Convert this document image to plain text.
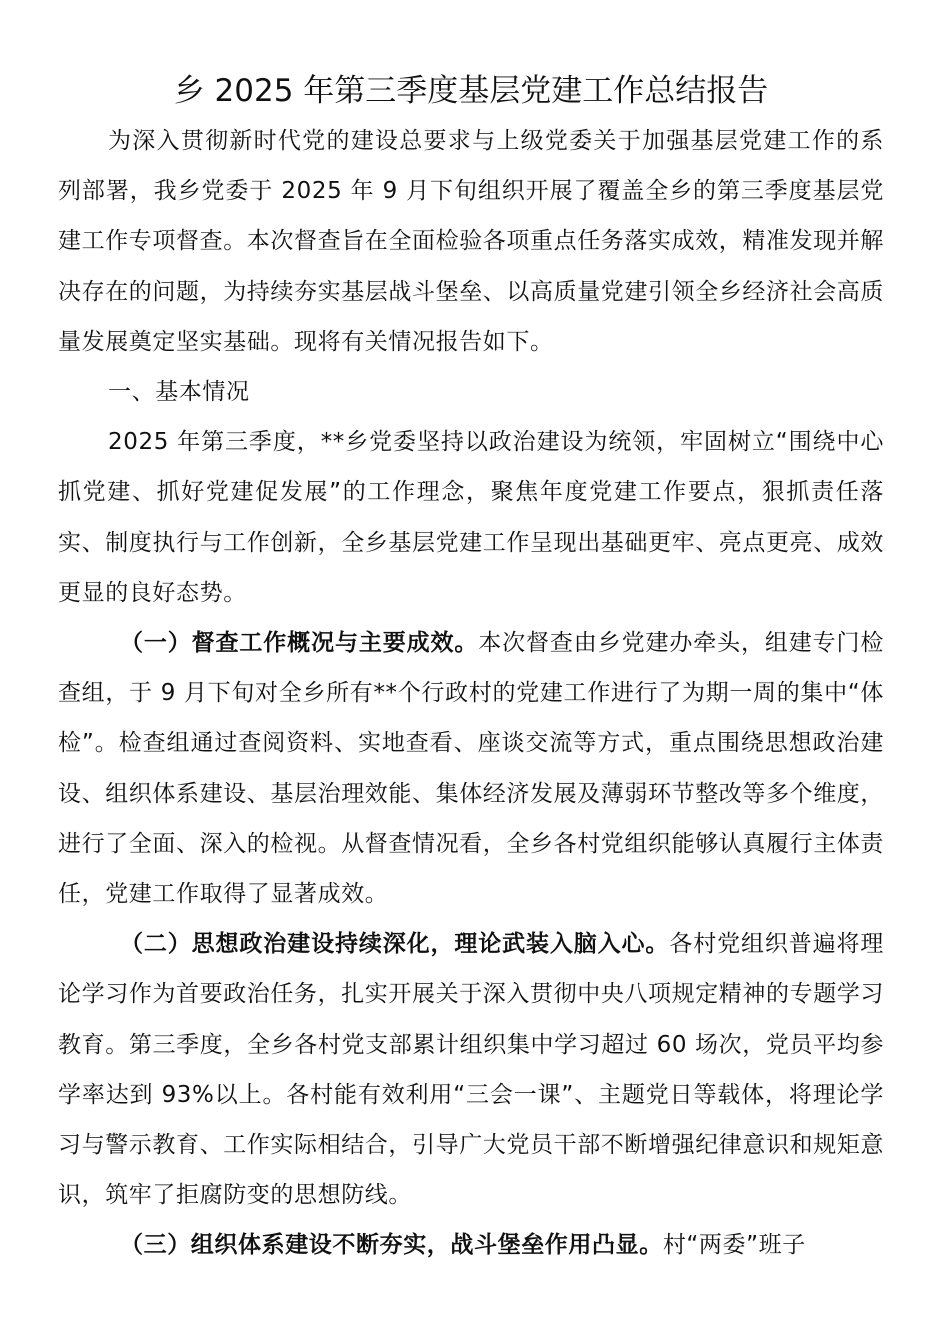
乡 2025 年第三季度基层党建工作总结报告

为深入贯彻新时代党的建设总要求与上级党委关于加强基层党建工作的系列部署，我乡党委于 2025 年 9 月下旬组织开展了覆盖全乡的第三季度基层党建工作专项督查。本次督查旨在全面检验各项重点任务落实成效，精准发现并解决存在的问题，为持续夯实基层战斗堡垒、以高质量党建引领全乡经济社会高质量发展奠定坚实基础。现将有关情况报告如下。

一、基本情况

2025 年第三季度，**乡党委坚持以政治建设为统领，牢固树立“围绕中心抓党建、抓好党建促发展”的工作理念，聚焦年度党建工作要点，狠抓责任落实、制度执行与工作创新，全乡基层党建工作呈现出基础更牢、亮点更亮、成效更显的良好态势。

（一）督查工作概况与主要成效。本次督查由乡党建办牵头，组建专门检查组，于 9 月下旬对全乡所有**个行政村的党建工作进行了为期一周的集中“体检”。检查组通过查阅资料、实地查看、座谈交流等方式，重点围绕思想政治建设、组织体系建设、基层治理效能、集体经济发展及薄弱环节整改等多个维度，进行了全面、深入的检视。从督查情况看，全乡各村党组织能够认真履行主体责任，党建工作取得了显著成效。

（二）思想政治建设持续深化，理论武装入脑入心。各村党组织普遍将理论学习作为首要政治任务，扎实开展关于深入贯彻中央八项规定精神的专题学习教育。第三季度，全乡各村党支部累计组织集中学习超过 60 场次，党员平均参学率达到 93%以上。各村能有效利用“三会一课”、主题党日等载体，将理论学习与警示教育、工作实际相结合，引导广大党员干部不断增强纪律意识和规矩意识，筑牢了拒腐防变的思想防线。

（三）组织体系建设不断夯实，战斗堡垒作用凸显。村“两委”班子
